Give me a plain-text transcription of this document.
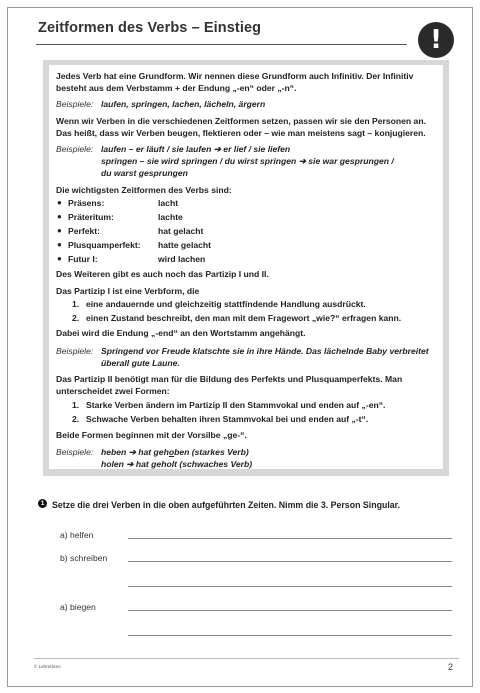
Zeitformen des Verbs – Einstieg	!
Jedes Verb hat eine Grundform. Wir nennen diese Grundform auch Infinitiv. Der Infinitiv
besteht aus dem Verbstamm + der Endung „-en“ oder „-n“.
Beispiele: laufen, springen, lachen, lächeln, ärgern
Wenn wir Verben in die verschiedenen Zeitformen setzen, passen wir sie den Personen an.
Das heißt, dass wir Verben beugen, flektieren oder – wie man meistens sagt – konjugieren.
Beispiele: laufen – er läuft / sie laufen ➔ er lief / sie liefen
springen – sie wird springen / du wirst springen ➔ sie war gesprungen /
du warst gesprungen
Die wichtigsten Zeitformen des Verbs sind:
● Präsens:	lacht
● Präteritum:	lachte
● Perfekt:	hat gelacht
● Plusquamperfekt: hatte gelacht
● Futur I:	wird lachen
Des Weiteren gibt es auch noch das Partizip I und II.
Das Partizip I ist eine Verbform, die
1. eine andauernde und gleichzeitig stattfindende Handlung ausdrückt.
2. einen Zustand beschreibt, den man mit dem Fragewort „wie?“ erfragen kann.
Dabei wird die Endung „-end“ an den Wortstamm angehängt.
Beispiele: Springend vor Freude klatschte sie in ihre Hände. Das lächelnde Baby verbreitet
überall gute Laune.
Das Partizip II benötigt man für die Bildung des Perfekts und Plusquamperfekts. Man
unterscheidet zwei Formen:
1. Starke Verben ändern im Partizip II den Stammvokal und enden auf „-en“.
2. Schwache Verben behalten ihren Stammvokal bei und enden auf „-t“.
Beide Formen beginnen mit der Vorsilbe „ge-“.
Beispiele: heben ➔ hat gehoben (starkes Verb)
holen ➔ hat geholt (schwaches Verb)
1 Setze die drei Verben in die oben aufgeführten Zeiten. Nimm die 3. Person Singular.
a) helfen
b) schreiben
a) biegen
© Lehrerbüro	2
